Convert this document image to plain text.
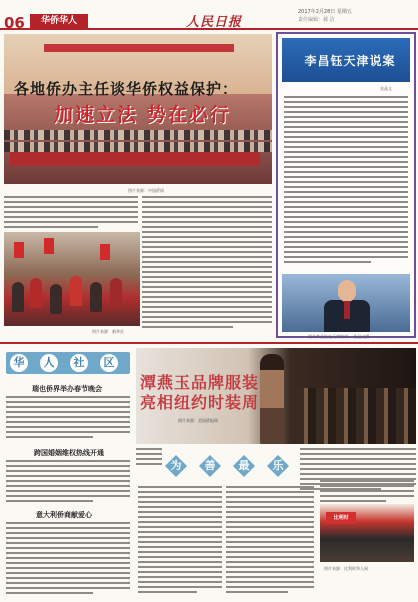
06	华侨华人	人民日报
2017年2月28日 星期五
责任编辑：郝 洁
各地侨办主任谈华侨权益保护：
加速立法 势在必行
图片来源：中国侨网
图片来源：新华社
李昌钰天津说案
张晶文
图为李昌钰在天津演讲。 张晶文摄
华	人	社	区
瑞也侨界举办春节晚会
跨国婚姻维权热线开通
意大利侨商献爱心
潭燕玉品牌服装
亮相纽约时装周
图片来源：美国侨报网
为	善	最	乐
比利时
图片来源：比利时华人网
